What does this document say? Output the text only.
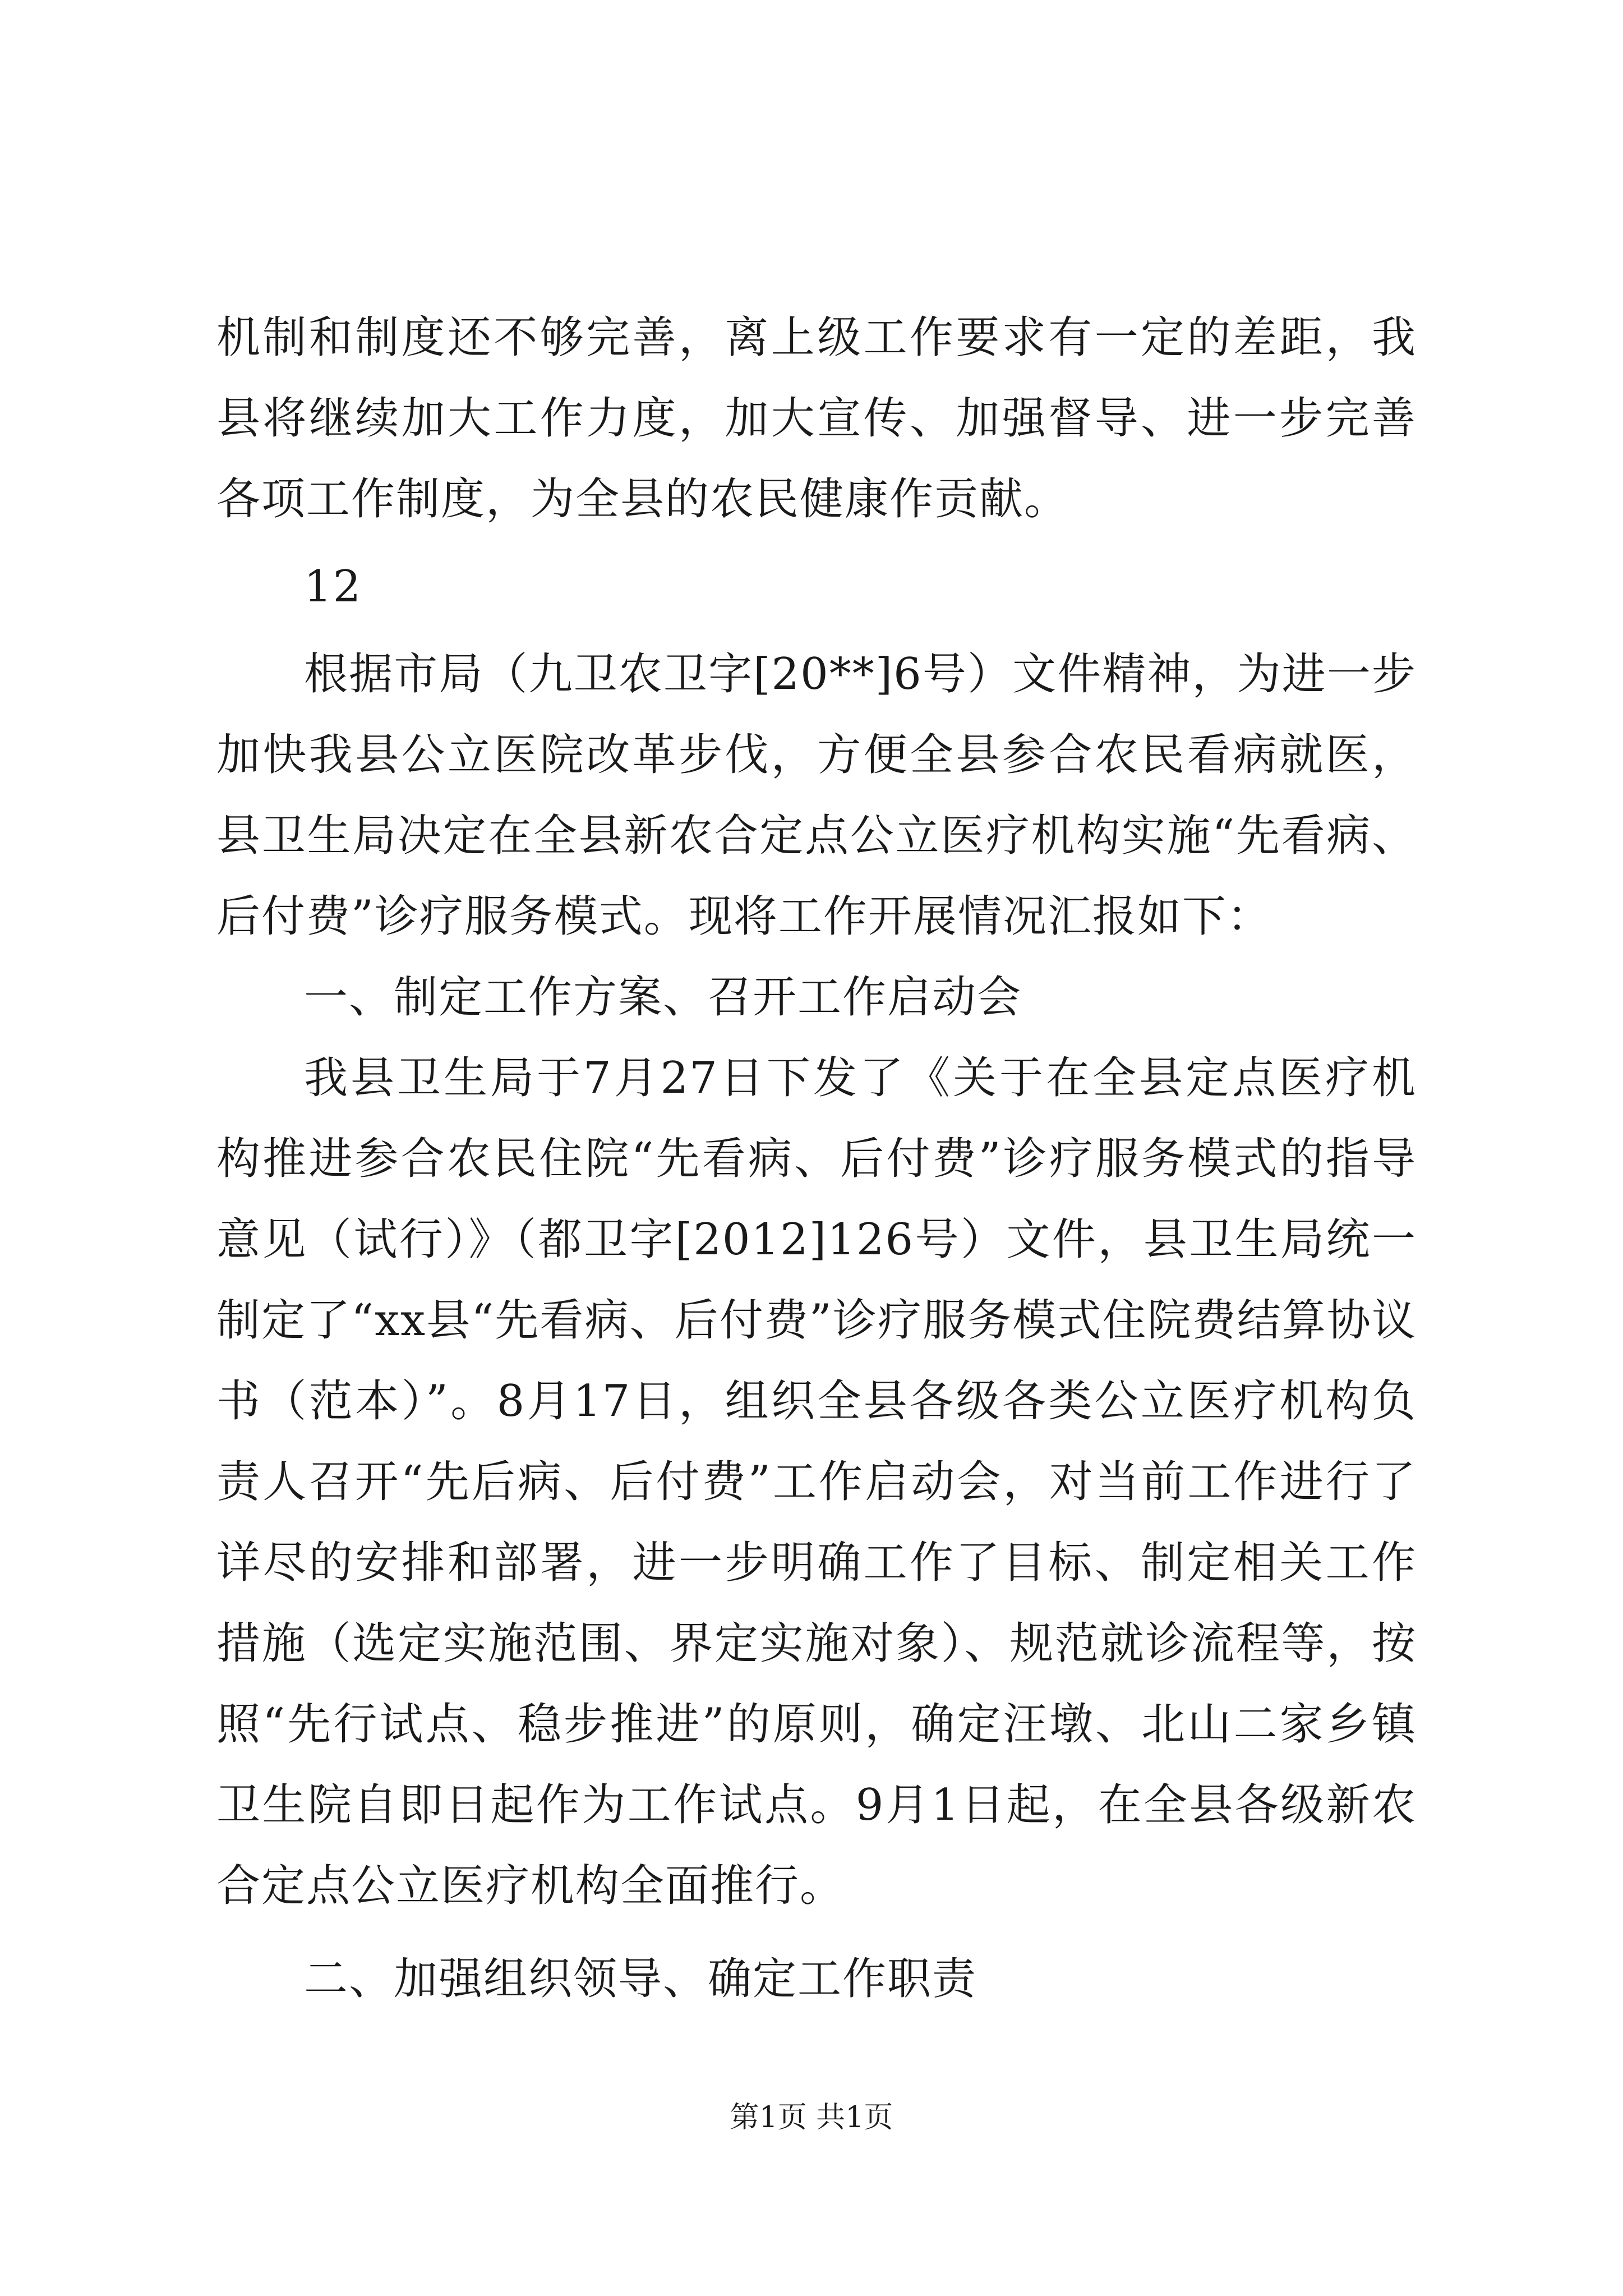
机制和制度还不够完善，离上级工作要求有一定的差距，我县将继续加大工作力度，加大宣传、加强督导、进一步完善各项工作制度，为全县的农民健康作贡献。

12

根据市局（九卫农卫字[20**]6号）文件精神，为进一步加快我县公立医院改革步伐，方便全县参合农民看病就医，县卫生局决定在全县新农合定点公立医疗机构实施“先看病、后付费”诊疗服务模式。现将工作开展情况汇报如下：

一、制定工作方案、召开工作启动会

我县卫生局于7月27日下发了《关于在全县定点医疗机构推进参合农民住院“先看病、后付费”诊疗服务模式的指导意见（试行）》（都卫字[2012]126号）文件，县卫生局统一制定了“xx县“先看病、后付费”诊疗服务模式住院费结算协议书（范本）”。8月17日，组织全县各级各类公立医疗机构负责人召开“先后病、后付费”工作启动会，对当前工作进行了详尽的安排和部署，进一步明确工作了目标、制定相关工作措施（选定实施范围、界定实施对象）、规范就诊流程等，按照“先行试点、稳步推进”的原则，确定汪墩、北山二家乡镇卫生院自即日起作为工作试点。9月1日起，在全县各级新农合定点公立医疗机构全面推行。

二、加强组织领导、确定工作职责

第1页 共1页
